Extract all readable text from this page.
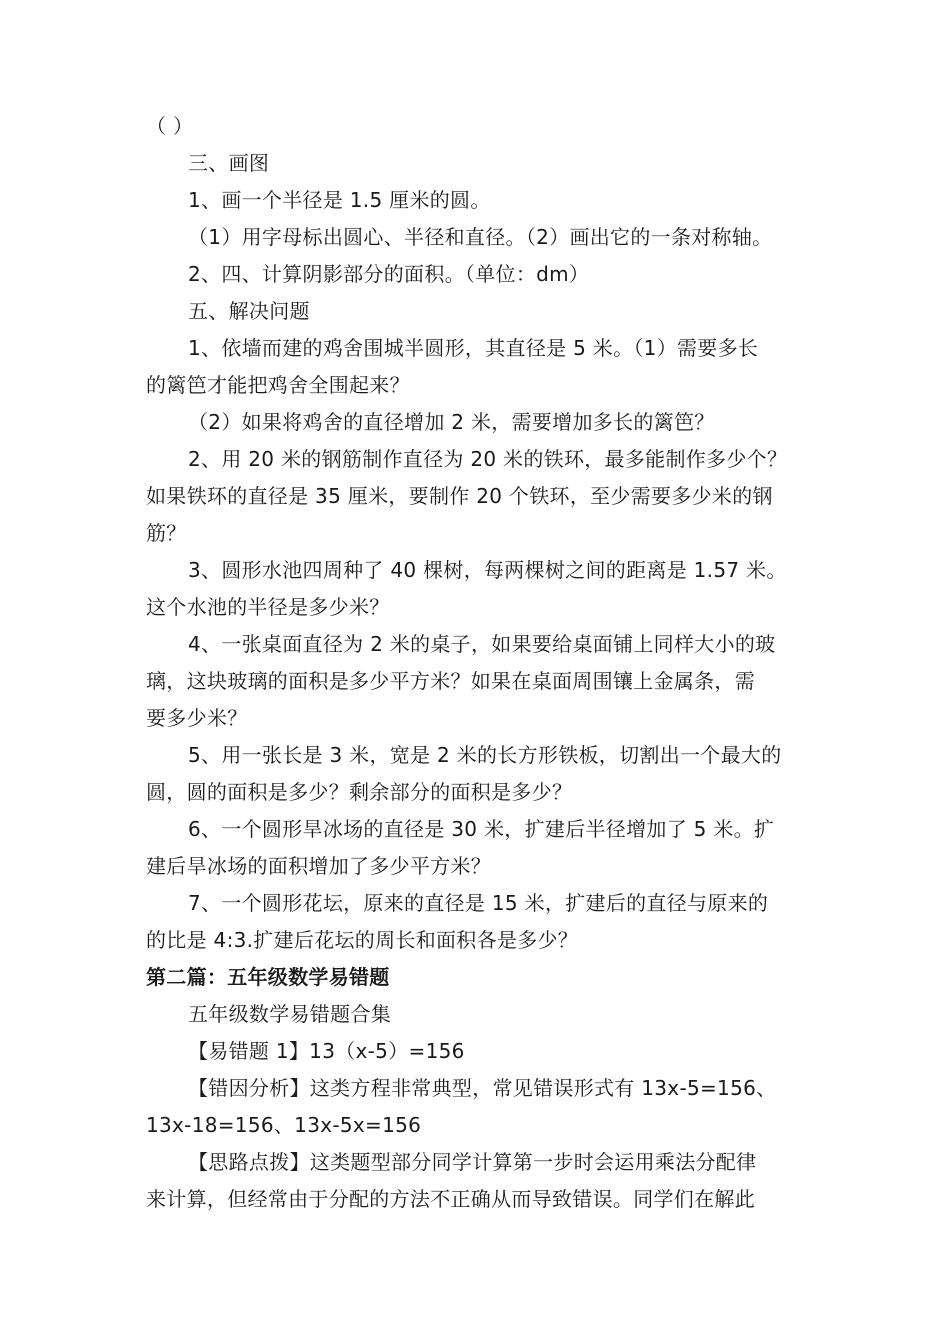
（ ）
三、画图
1、画一个半径是 1.5 厘米的圆。
（1）用字母标出圆心、半径和直径。（2）画出它的一条对称轴。
2、四、计算阴影部分的面积。（单位：dm）
五、解决问题
1、依墙而建的鸡舍围城半圆形，其直径是 5 米。（1）需要多长
的篱笆才能把鸡舍全围起来？
（2）如果将鸡舍的直径增加 2 米，需要增加多长的篱笆？
2、用 20 米的钢筋制作直径为 20 米的铁环，最多能制作多少个？
如果铁环的直径是 35 厘米，要制作 20 个铁环，至少需要多少米的钢
筋？
3、圆形水池四周种了 40 棵树，每两棵树之间的距离是 1.57 米。
这个水池的半径是多少米？
4、一张桌面直径为 2 米的桌子，如果要给桌面铺上同样大小的玻
璃，这块玻璃的面积是多少平方米？如果在桌面周围镶上金属条，需
要多少米？
5、用一张长是 3 米，宽是 2 米的长方形铁板，切割出一个最大的
圆，圆的面积是多少？剩余部分的面积是多少？
6、一个圆形旱冰场的直径是 30 米，扩建后半径增加了 5 米。扩
建后旱冰场的面积增加了多少平方米？
7、一个圆形花坛，原来的直径是 15 米，扩建后的直径与原来的
的比是 4:3.扩建后花坛的周长和面积各是多少？
第二篇：五年级数学易错题
五年级数学易错题合集
【易错题 1】13（x-5）=156
【错因分析】这类方程非常典型，常见错误形式有 13x-5=156、
13x-18=156、13x-5x=156
【思路点拨】这类题型部分同学计算第一步时会运用乘法分配律
来计算，但经常由于分配的方法不正确从而导致错误。同学们在解此
